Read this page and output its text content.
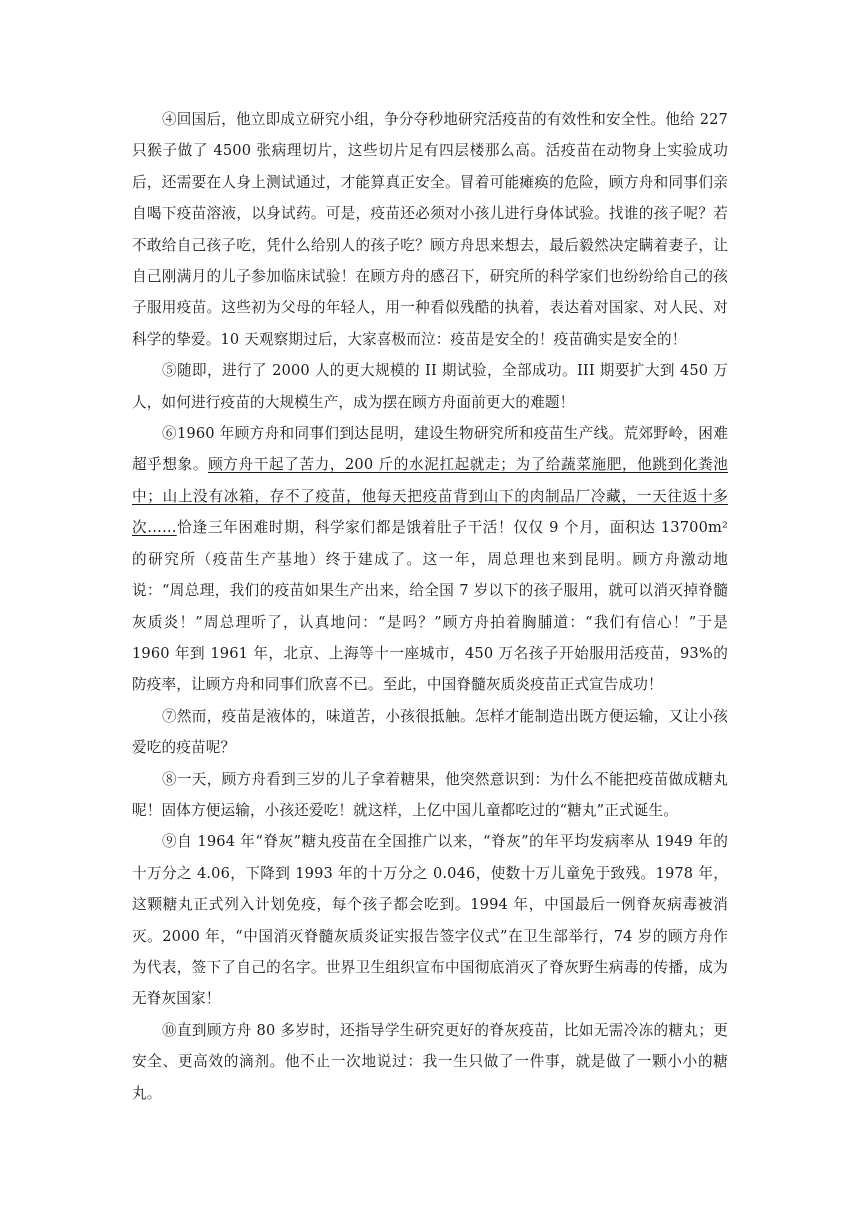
④回国后，他立即成立研究小组，争分夺秒地研究活疫苗的有效性和安全性。他给 227 只猴子做了 4500 张病理切片，这些切片足有四层楼那么高。活疫苗在动物身上实验成功后，还需要在人身上测试通过，才能算真正安全。冒着可能瘫痪的危险，顾方舟和同事们亲自喝下疫苗溶液，以身试药。可是，疫苗还必须对小孩儿进行身体试验。找谁的孩子呢？若不敢给自己孩子吃，凭什么给别人的孩子吃？顾方舟思来想去，最后毅然决定瞒着妻子，让自己刚满月的儿子参加临床试验！在顾方舟的感召下，研究所的科学家们也纷纷给自己的孩子服用疫苗。这些初为父母的年轻人，用一种看似残酷的执着，表达着对国家、对人民、对科学的挚爱。10 天观察期过后，大家喜极而泣：疫苗是安全的！疫苗确实是安全的！

⑤随即，进行了 2000 人的更大规模的 II 期试验，全部成功。III 期要扩大到 450 万人，如何进行疫苗的大规模生产，成为摆在顾方舟面前更大的难题！

⑥1960 年顾方舟和同事们到达昆明，建设生物研究所和疫苗生产线。荒郊野岭，困难超乎想象。顾方舟干起了苦力，200 斤的水泥扛起就走；为了给蔬菜施肥，他跳到化粪池中；山上没有冰箱，存不了疫苗，他每天把疫苗背到山下的肉制品厂冷藏，一天往返十多次……恰逢三年困难时期，科学家们都是饿着肚子干活！仅仅 9 个月，面积达 13700m² 的研究所（疫苗生产基地）终于建成了。这一年，周总理也来到昆明。顾方舟激动地说：“周总理，我们的疫苗如果生产出来，给全国 7 岁以下的孩子服用，就可以消灭掉脊髓灰质炎！”周总理听了，认真地问：“是吗？”顾方舟拍着胸脯道：“我们有信心！”于是 1960 年到 1961 年，北京、上海等十一座城市，450 万名孩子开始服用活疫苗，93%的防疫率，让顾方舟和同事们欣喜不已。至此，中国脊髓灰质炎疫苗正式宣告成功！

⑦然而，疫苗是液体的，味道苦，小孩很抵触。怎样才能制造出既方便运输，又让小孩爱吃的疫苗呢？

⑧一天，顾方舟看到三岁的儿子拿着糖果，他突然意识到：为什么不能把疫苗做成糖丸呢！固体方便运输，小孩还爱吃！就这样，上亿中国儿童都吃过的“糖丸”正式诞生。

⑨自 1964 年“脊灰”糖丸疫苗在全国推广以来，“脊灰”的年平均发病率从 1949 年的十万分之 4.06，下降到 1993 年的十万分之 0.046，使数十万儿童免于致残。1978 年，这颗糖丸正式列入计划免疫，每个孩子都会吃到。1994 年，中国最后一例脊灰病毒被消灭。2000 年，“中国消灭脊髓灰质炎证实报告签字仪式”在卫生部举行，74 岁的顾方舟作为代表，签下了自己的名字。世界卫生组织宣布中国彻底消灭了脊灰野生病毒的传播，成为无脊灰国家！

⑩直到顾方舟 80 多岁时，还指导学生研究更好的脊灰疫苗，比如无需冷冻的糖丸；更安全、更高效的滴剂。他不止一次地说过：我一生只做了一件事，就是做了一颗小小的糖丸。
